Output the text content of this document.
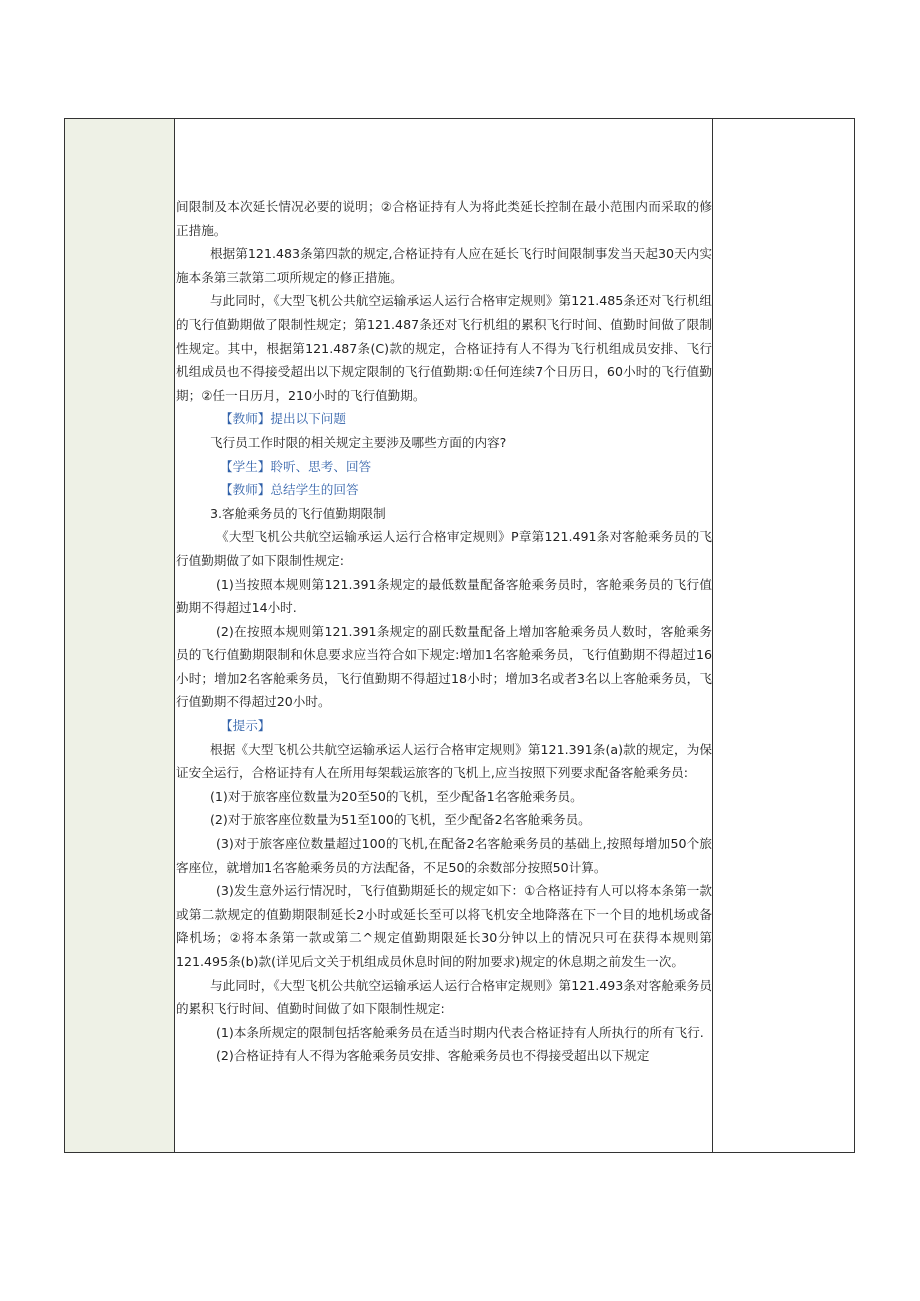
间限制及本次延长情况必要的说明；②合格证持有人为将此类延长控制在最小范围内而采取的修正措施。

根据第121.483条第四款的规定,合格证持有人应在延长飞行时间限制事发当天起30天内实施本条第三款第二项所规定的修正措施。

与此同时，《大型飞机公共航空运输承运人运行合格审定规则》第121.485条还对飞行机组的飞行值勤期做了限制性规定；第121.487条还对飞行机组的累积飞行时间、值勤时间做了限制性规定。其中，根据第121.487条(C)款的规定，合格证持有人不得为飞行机组成员安排、飞行机组成员也不得接受超出以下规定限制的飞行值勤期:①任何连续7个日历日，60小时的飞行值勤期；②任一日历月，210小时的飞行值勤期。

【教师】提出以下问题

飞行员工作时限的相关规定主要涉及哪些方面的内容?

【学生】聆听、思考、回答

【教师】总结学生的回答

3.客舱乘务员的飞行值勤期限制

《大型飞机公共航空运输承运人运行合格审定规则》P章第121.491条对客舱乘务员的飞行值勤期做了如下限制性规定:

(1)当按照本规则第121.391条规定的最低数量配备客舱乘务员时，客舱乘务员的飞行值勤期不得超过14小时.

(2)在按照本规则第121.391条规定的副氏数量配备上增加客舱乘务员人数时，客舱乘务员的飞行值勤期限制和休息要求应当符合如下规定:增加1名客舱乘务员，飞行值勤期不得超过16小时；增加2名客舱乘务员，飞行值勤期不得超过18小时；增加3名或者3名以上客舱乘务员，飞行值勤期不得超过20小时。

【提示】

根据《大型飞机公共航空运输承运人运行合格审定规则》第121.391条(a)款的规定，为保证安全运行，合格证持有人在所用每架载运旅客的飞机上,应当按照下列要求配备客舱乘务员:

(1)对于旅客座位数量为20至50的飞机，至少配备1名客舱乘务员。

(2)对于旅客座位数量为51至100的飞机，至少配备2名客舱乘务员。

(3)对于旅客座位数量超过100的飞机,在配备2名客舱乘务员的基础上,按照每增加50个旅客座位，就增加1名客舱乘务员的方法配备，不足50的余数部分按照50计算。

(3)发生意外运行情况时，飞行值勤期延长的规定如下：①合格证持有人可以将本条第一款或第二款规定的值勤期限制延长2小时或延长至可以将飞机安全地降落在下一个目的地机场或备降机场；②将本条第一款或第二^规定值勤期限延长30分钟以上的情况只可在获得本规则第121.495条(b)款(详见后文关于机组成员休息时间的附加要求)规定的休息期之前发生一次。

与此同时，《大型飞机公共航空运输承运人运行合格审定规则》第121.493条对客舱乘务员的累积飞行时间、值勤时间做了如下限制性规定:

(1)本条所规定的限制包括客舱乘务员在适当时期内代表合格证持有人所执行的所有飞行.

(2)合格证持有人不得为客舱乘务员安排、客舱乘务员也不得接受超出以下规定
